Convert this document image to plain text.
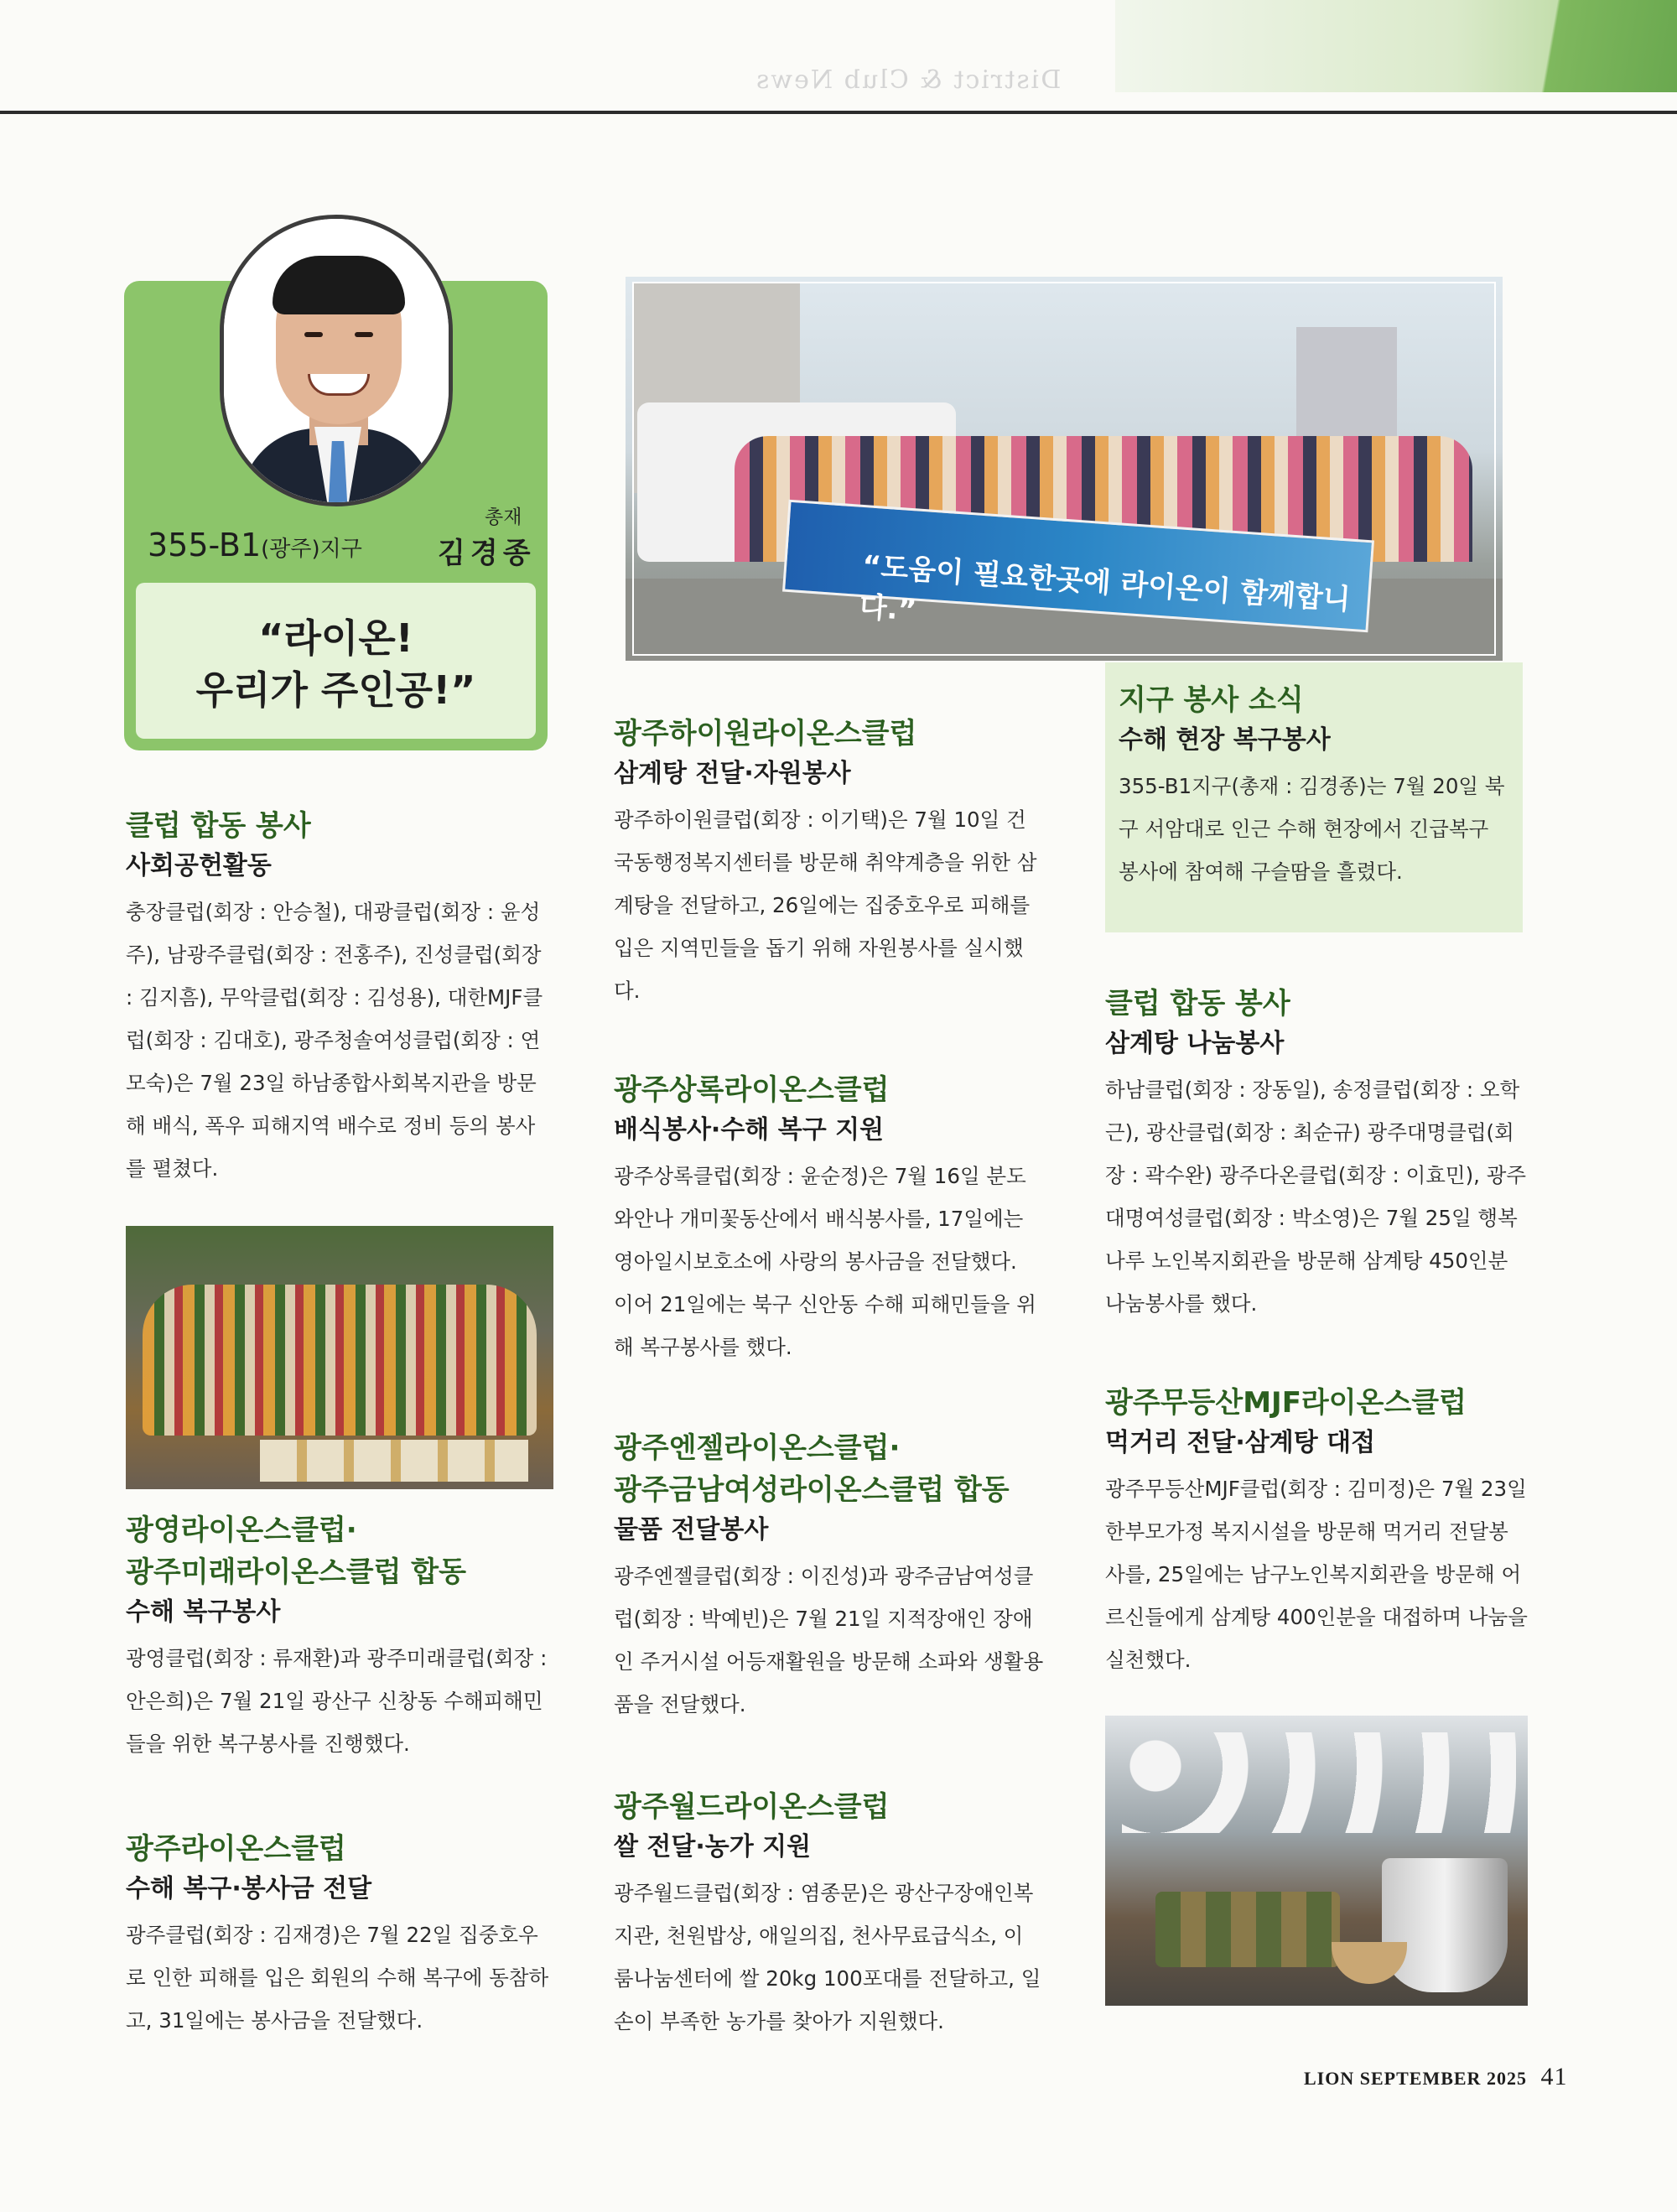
District & Club News
355-B1(광주)지구
총재
김경종
“라이온!
우리가 주인공!”
클럽 합동 봉사
사회공헌활동

충장클럽(회장 : 안승철), 대광클럽(회장 : 윤성주), 남광주클럽(회장 : 전홍주), 진성클럽(회장 : 김지흠), 무악클럽(회장 : 김성용), 대한MJF클럽(회장 : 김대호), 광주청솔여성클럽(회장 : 연모숙)은 7월 23일 하남종합사회복지관을 방문해 배식, 폭우 피해지역 배수로 정비 등의 봉사를 펼쳤다.

광영라이온스클럽·
광주미래라이온스클럽 합동
수해 복구봉사

광영클럽(회장 : 류재환)과 광주미래클럽(회장 : 안은희)은 7월 21일 광산구 신창동 수해피해민들을 위한 복구봉사를 진행했다.

광주라이온스클럽
수해 복구·봉사금 전달

광주클럽(회장 : 김재경)은 7월 22일 집중호우로 인한 피해를 입은 회원의 수해 복구에 동참하고, 31일에는 봉사금을 전달했다.

“도움이 필요한곳에 라이온이 함께합니다.”
광주하이원라이온스클럽
삼계탕 전달·자원봉사

광주하이원클럽(회장 : 이기택)은 7월 10일 건국동행정복지센터를 방문해 취약계층을 위한 삼계탕을 전달하고, 26일에는 집중호우로 피해를 입은 지역민들을 돕기 위해 자원봉사를 실시했다.

광주상록라이온스클럽
배식봉사·수해 복구 지원

광주상록클럽(회장 : 윤순정)은 7월 16일 분도와안나 개미꽃동산에서 배식봉사를, 17일에는 영아일시보호소에 사랑의 봉사금을 전달했다. 이어 21일에는 북구 신안동 수해 피해민들을 위해 복구봉사를 했다.

광주엔젤라이온스클럽·
광주금남여성라이온스클럽 합동
물품 전달봉사

광주엔젤클럽(회장 : 이진성)과 광주금남여성클럽(회장 : 박예빈)은 7월 21일 지적장애인 장애인 주거시설 어등재활원을 방문해 소파와 생활용품을 전달했다.

광주월드라이온스클럽
쌀 전달·농가 지원

광주월드클럽(회장 : 염종문)은 광산구장애인복지관, 천원밥상, 애일의집, 천사무료급식소, 이룸나눔센터에 쌀 20kg 100포대를 전달하고, 일손이 부족한 농가를 찾아가 지원했다.

지구 봉사 소식
수해 현장 복구봉사

355-B1지구(총재 : 김경종)는 7월 20일 북구 서암대로 인근 수해 현장에서 긴급복구 봉사에 참여해 구슬땀을 흘렸다.

클럽 합동 봉사
삼계탕 나눔봉사

하남클럽(회장 : 장동일), 송정클럽(회장 : 오학근), 광산클럽(회장 : 최순규) 광주대명클럽(회장 : 곽수완) 광주다온클럽(회장 : 이효민), 광주대명여성클럽(회장 : 박소영)은 7월 25일 행복나루 노인복지회관을 방문해 삼계탕 450인분 나눔봉사를 했다.

광주무등산MJF라이온스클럽
먹거리 전달·삼계탕 대접

광주무등산MJF클럽(회장 : 김미정)은 7월 23일 한부모가정 복지시설을 방문해 먹거리 전달봉사를, 25일에는 남구노인복지회관을 방문해 어르신들에게 삼계탕 400인분을 대접하며 나눔을 실천했다.

LION SEPTEMBER 2025 41
